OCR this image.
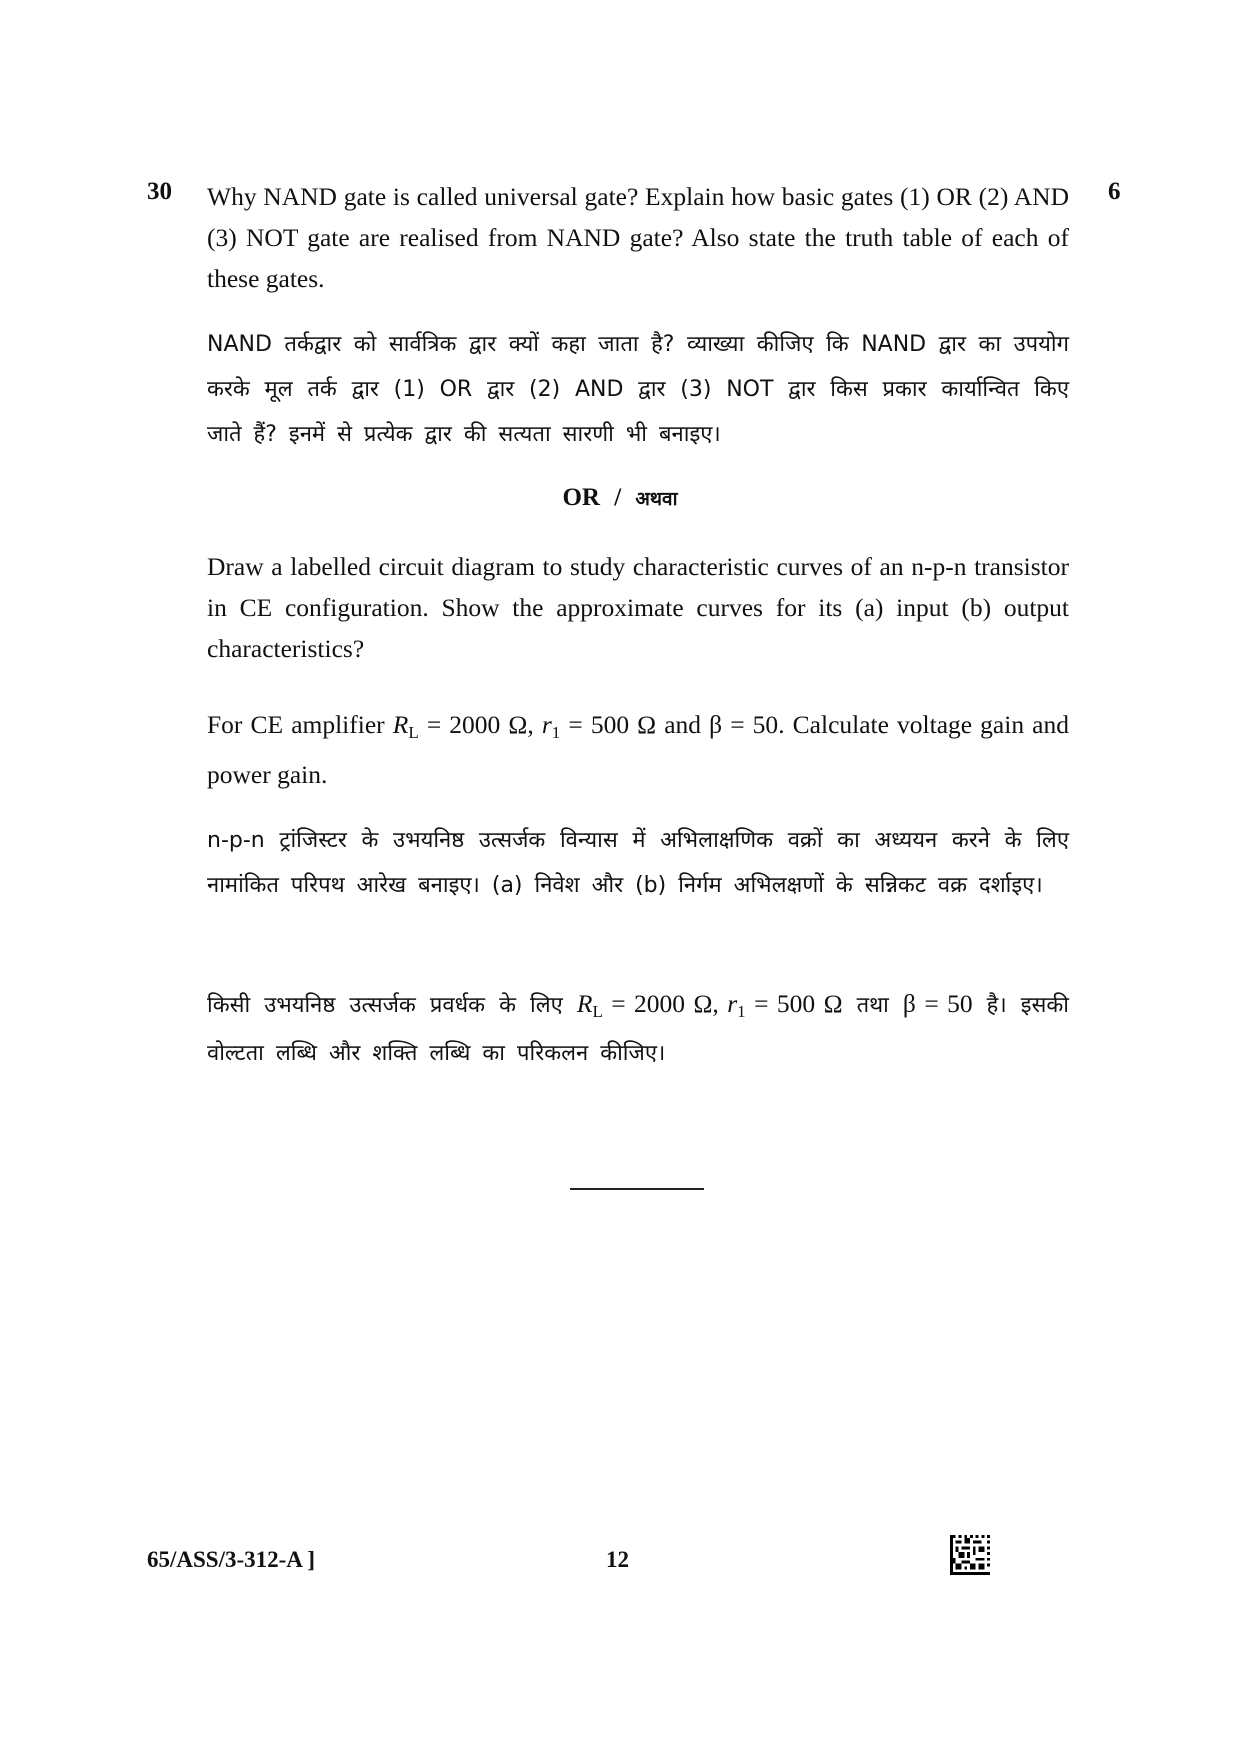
30	6
Why NAND gate is called universal gate? Explain how basic gates (1) OR (2) AND (3) NOT gate are realised from NAND gate? Also state the truth table of each of these gates.
NAND तर्कद्वार को सार्वत्रिक द्वार क्यों कहा जाता है? व्याख्या कीजिए कि NAND द्वार का उपयोग करके मूल तर्क द्वार (1) OR द्वार (2) AND द्वार (3) NOT द्वार किस प्रकार कार्यान्वित किए जाते हैं? इनमें से प्रत्येक द्वार की सत्यता सारणी भी बनाइए।
OR / अथवा
Draw a labelled circuit diagram to study characteristic curves of an n-p-n transistor in CE configuration. Show the approximate curves for its (a) input (b) output characteristics?
For CE amplifier $R_L = 2000$ Ω, $r_1 = 500$ Ω and β = 50. Calculate voltage gain and power gain.
n-p-n ट्रांजिस्टर के उभयनिष्ठ उत्सर्जक विन्यास में अभिलाक्षणिक वक्रों का अध्ययन करने के लिए नामांकित परिपथ आरेख बनाइए। (a) निवेश और (b) निर्गम अभिलक्षणों के सन्निकट वक्र दर्शाइए।
किसी उभयनिष्ठ उत्सर्जक प्रवर्धक के लिए $R_L = 2000$ Ω, $r_1 = 500$ Ω तथा β = 50 है। इसकी वोल्टता लब्धि और शक्ति लब्धि का परिकलन कीजिए।
65/ASS/3-312-A ]	12
